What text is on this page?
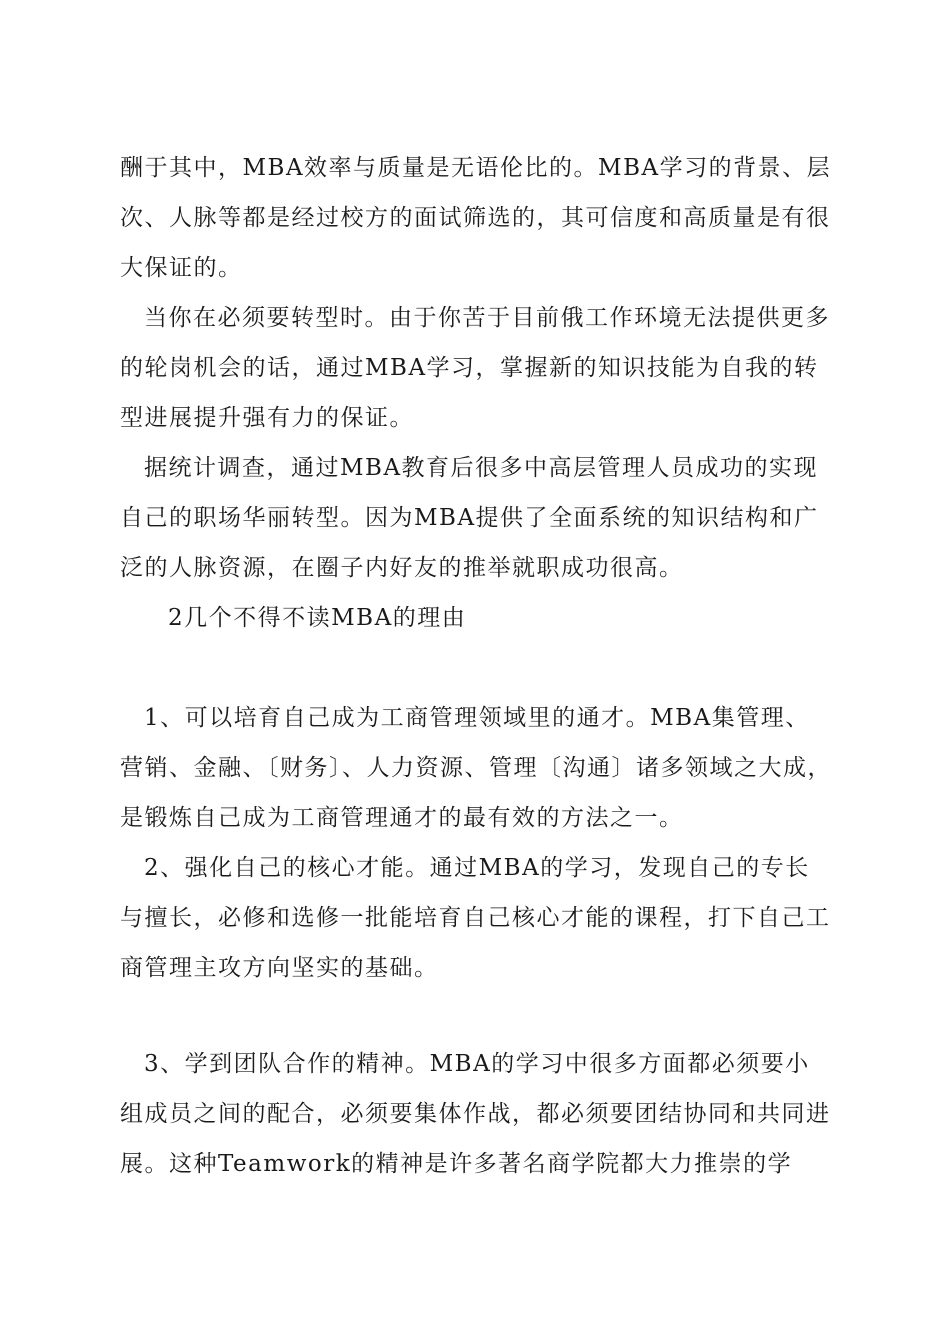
酬于其中，MBA效率与质量是无语伦比的。MBA学习的背景、层次、人脉等都是经过校方的面试筛选的，其可信度和高质量是有很大保证的。

当你在必须要转型时。由于你苦于目前俄工作环境无法提供更多的轮岗机会的话，通过MBA学习，掌握新的知识技能为自我的转型进展提升强有力的保证。

据统计调查，通过MBA教育后很多中高层管理人员成功的实现自己的职场华丽转型。因为MBA提供了全面系统的知识结构和广泛的人脉资源，在圈子内好友的推举就职成功很高。

2几个不得不读MBA的理由

1、可以培育自己成为工商管理领域里的通才。MBA集管理、营销、金融、〔财务〕、人力资源、管理〔沟通〕诸多领域之大成，是锻炼自己成为工商管理通才的最有效的方法之一。

2、强化自己的核心才能。通过MBA的学习，发现自己的专长与擅长，必修和选修一批能培育自己核心才能的课程，打下自己工商管理主攻方向坚实的基础。

3、学到团队合作的精神。MBA的学习中很多方面都必须要小组成员之间的配合，必须要集体作战，都必须要团结协同和共同进展。这种Teamwork的精神是许多著名商学院都大力推崇的学
